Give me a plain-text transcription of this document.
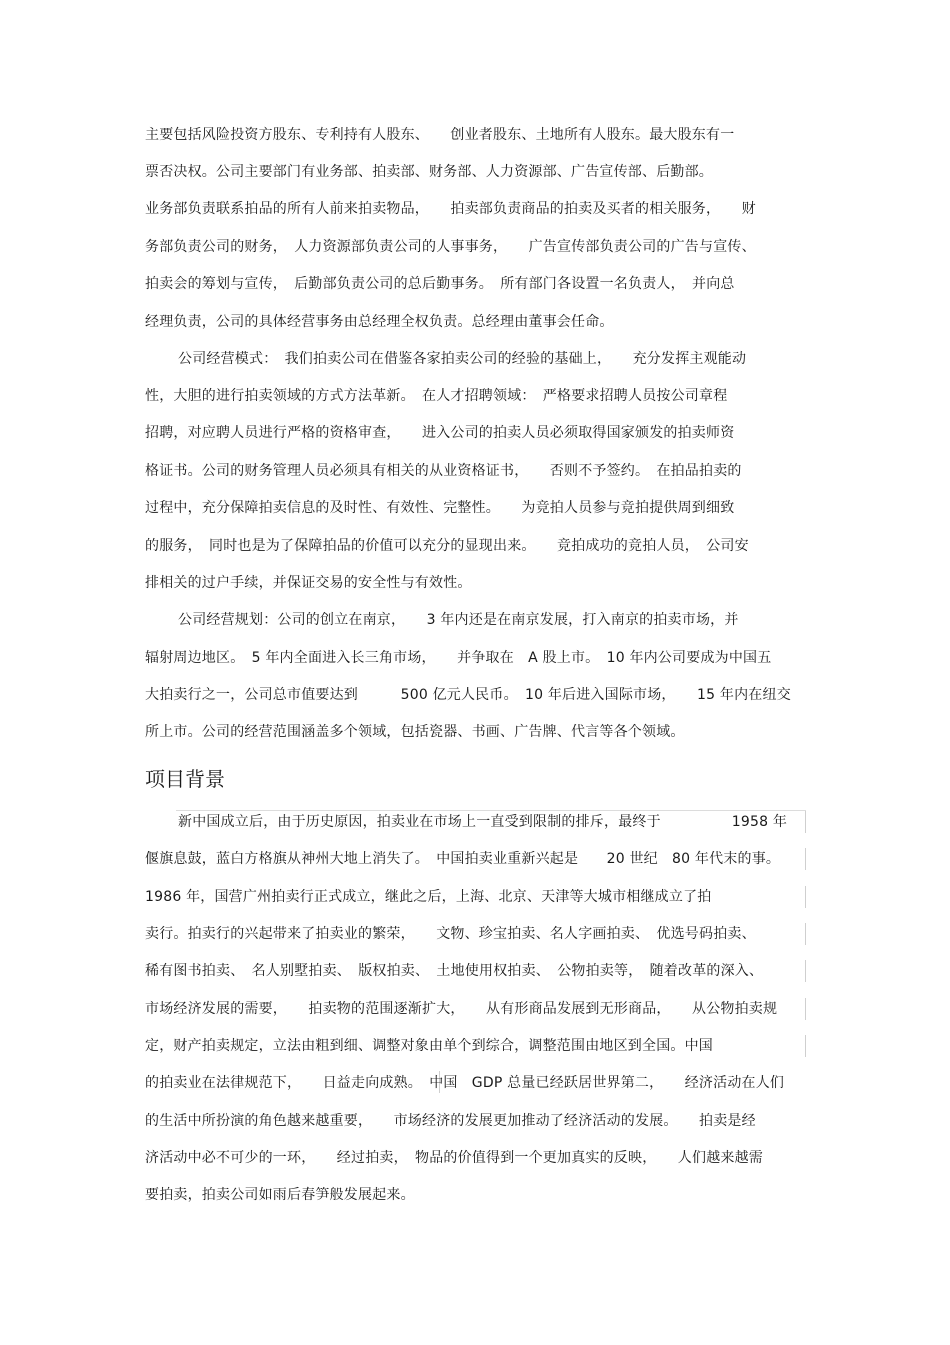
主要包括风险投资方股东、专利持有人股东、　　创业者股东、土地所有人股东。最大股东有一
票否决权。公司主要部门有业务部、拍卖部、财务部、人力资源部、广告宣传部、后勤部。
业务部负责联系拍品的所有人前来拍卖物品，　　拍卖部负责商品的拍卖及买者的相关服务，　　财
务部负责公司的财务，　人力资源部负责公司的人事事务，　　广告宣传部负责公司的广告与宣传、
拍卖会的筹划与宣传，　后勤部负责公司的总后勤事务。　所有部门各设置一名负责人，　并向总
经理负责，公司的具体经营事务由总经理全权负责。总经理由董事会任命。
公司经营模式：　我们拍卖公司在借鉴各家拍卖公司的经验的基础上，　　充分发挥主观能动
性，大胆的进行拍卖领域的方式方法革新。　在人才招聘领域：　严格要求招聘人员按公司章程
招聘，对应聘人员进行严格的资格审查，　　进入公司的拍卖人员必须取得国家颁发的拍卖师资
格证书。公司的财务管理人员必须具有相关的从业资格证书，　　否则不予签约。　在拍品拍卖的
过程中，充分保障拍卖信息的及时性、有效性、完整性。　　为竞拍人员参与竞拍提供周到细致
的服务，　同时也是为了保障拍品的价值可以充分的显现出来。　　竞拍成功的竞拍人员，　公司安
排相关的过户手续，并保证交易的安全性与有效性。
公司经营规划：公司的创立在南京，　　3 年内还是在南京发展，打入南京的拍卖市场，并
辐射周边地区。　5 年内全面进入长三角市场，　　并争取在　A 股上市。　10 年内公司要成为中国五
大拍卖行之一，公司总市值要达到　　　500 亿元人民币。　10 年后进入国际市场，　　15 年内在纽交
所上市。公司的经营范围涵盖多个领域，包括瓷器、书画、广告牌、代言等各个领域。
项目背景
新中国成立后，由于历史原因，拍卖业在市场上一直受到限制的排斥，最终于　　　　　1958 年
偃旗息鼓，蓝白方格旗从神州大地上消失了。　中国拍卖业重新兴起是　　20 世纪　80 年代末的事。
1986 年，国营广州拍卖行正式成立，继此之后，上海、北京、天津等大城市相继成立了拍
卖行。拍卖行的兴起带来了拍卖业的繁荣，　　文物、珍宝拍卖、名人字画拍卖、　优选号码拍卖、
稀有图书拍卖、　名人别墅拍卖、　版权拍卖、　土地使用权拍卖、　公物拍卖等，　随着改革的深入、
市场经济发展的需要，　　拍卖物的范围逐渐扩大，　　从有形商品发展到无形商品，　　从公物拍卖规
定，财产拍卖规定，立法由粗到细、调整对象由单个到综合，调整范围由地区到全国。中国
的拍卖业在法律规范下，　　日益走向成熟。　中国　GDP 总量已经跃居世界第二，　　经济活动在人们
的生活中所扮演的角色越来越重要，　　市场经济的发展更加推动了经济活动的发展。　　拍卖是经
济活动中必不可少的一环，　　经过拍卖，　物品的价值得到一个更加真实的反映，　　人们越来越需
要拍卖，拍卖公司如雨后春笋般发展起来。
